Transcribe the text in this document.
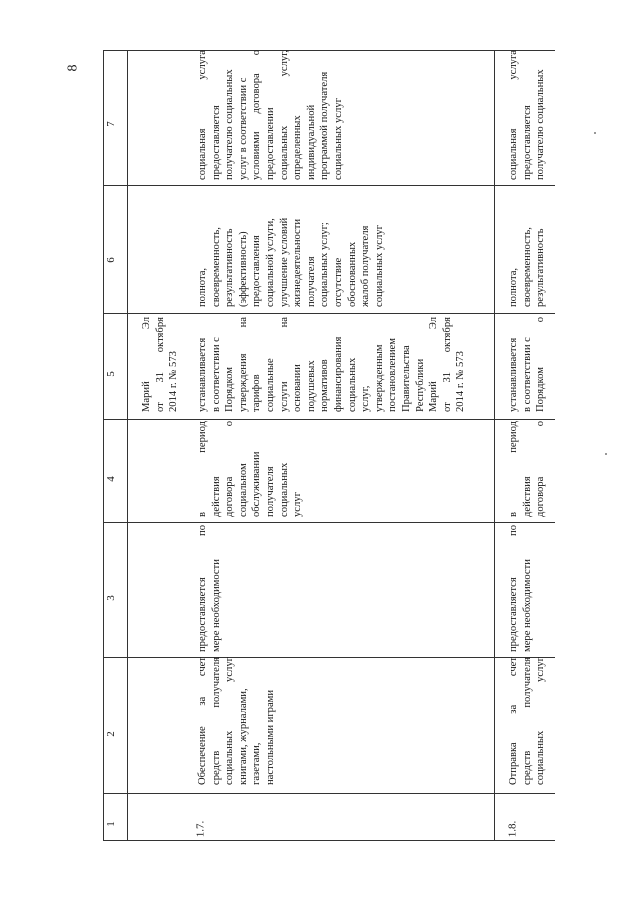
8
1
2
3
4
5
6
7
Марий
Эл
от
31
октября
2014 г. № 573
1.7.
Обеспечение
за
счет
средств
получателя
социальных
услуг
книгами, журналами, газетами, настольными играми
предоставляется
по
мере необходимости
в
период
действия договора
о
социальном обслуживании получателя социальных услуг
устанавливается в соответствии с Порядком утверждения
на
тарифов социальные услуги
на
основании подушевых нормативов финансирования социальных услуг, утвержденным постановлением Правительства Республики Марий
Эл
от
31
октября
2014 г. № 573
полнота, своевременность, результативность (эффективность) предоставления социальной услуги, улучшение условий жизнедеятельности получателя социальных услуг; отсутствие обоснованных жалоб получателя социальных услуг
социальная
услуга
предоставляется получателю социальных услуг в соответствии с условиями
договора
о
предоставлении социальных
услуг,
определенных индивидуальной программой получателя социальных услуг
1.8.
Отправка
за
счет
средств
получателя
социальных
услуг
предоставляется
по
мере необходимости
в
период
действия договора
о
устанавливается в соответствии с Порядком
о
полнота, своевременность, результативность
социальная
услуга
предоставляется получателю социальных
